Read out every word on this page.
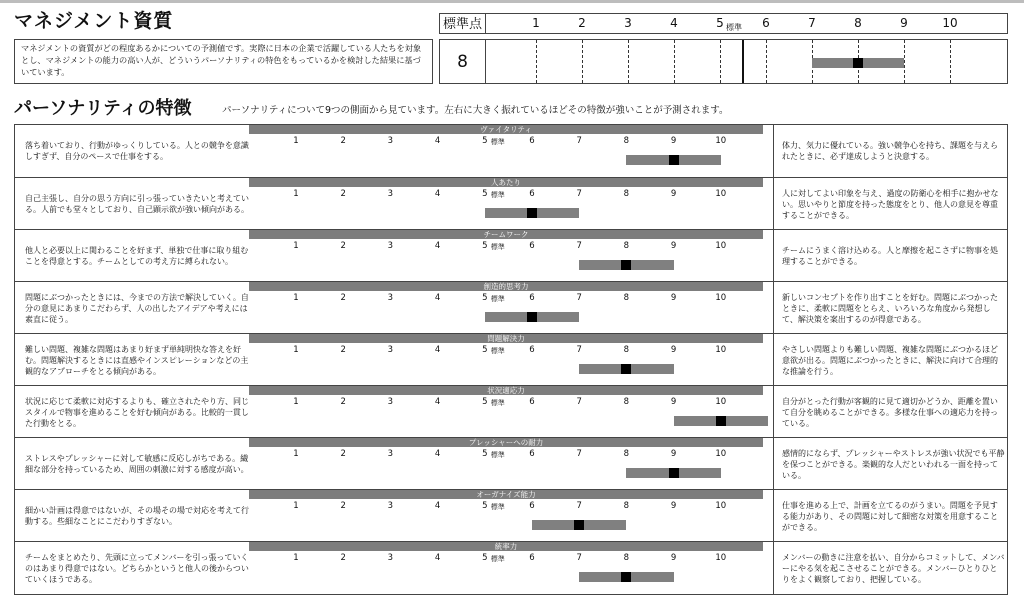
マネジメント資質	標準点	1	2	3	4	5	6	7	8	9	10
標準
マネジメントの資質がどの程度あるかについての予測値です。実際に日本の企業で活躍している人たちを対象とし、マネジメントの能力の高い人が、どういうパーソナリティの特色をもっているかを検討した結果に基づいています。	8
パーソナリティの特徴	パーソナリティについて9つの側面から見ています。左右に大きく振れているほどその特徴が強いことが予測されます。
落ち着いており、行動がゆっくりしている。人との競争を意識しすぎず、自分のペースで仕事をする。
ヴァイタリティ
1	2	3	4	5	6	7	8	9	10
標準	体力、気力に優れている。強い競争心を持ち、課題を与えられたときに、必ず達成しようと決意する。
自己主張し、自分の思う方向に引っ張っていきたいと考えている。人前でも堂々としており、自己顕示欲が強い傾向がある。
人あたり
1	2	3	4	5	6	7	8	9	10
標準	人に対してよい印象を与え、過度の防衛心を相手に抱かせない。思いやりと節度を持った態度をとり、他人の意見を尊重することができる。
他人と必要以上に関わることを好まず、単独で仕事に取り組むことを得意とする。チームとしての考え方に縛られない。
チームワーク
1	2	3	4	5	6	7	8	9	10
標準	チームにうまく溶け込める。人と摩擦を起こさずに物事を処理することができる。
問題にぶつかったときには、今までの方法で解決していく。自分の意見にあまりこだわらず、人の出したアイデアや考えには素直に従う。
創造的思考力
1	2	3	4	5	6	7	8	9	10
標準	新しいコンセプトを作り出すことを好む。問題にぶつかったときに、柔軟に問題をとらえ、いろいろな角度から発想して、解決策を案出するのが得意である。
難しい問題、複雑な問題はあまり好まず単純明快な答えを好む。問題解決するときには直感やインスピレーションなどの主観的なアプローチをとる傾向がある。
問題解決力
1	2	3	4	5	6	7	8	9	10
標準	やさしい問題よりも難しい問題、複雑な問題にぶつかるほど意欲が出る。問題にぶつかったときに、解決に向けて合理的な推論を行う。
状況に応じて柔軟に対応するよりも、確立されたやり方、同じスタイルで物事を進めることを好む傾向がある。比較的一貫した行動をとる。
状況適応力
1	2	3	4	5	6	7	8	9	10
標準	自分がとった行動が客観的に見て適切かどうか、距離を置いて自分を眺めることができる。多様な仕事への適応力を持っている。
ストレスやプレッシャーに対して敏感に反応しがちである。繊細な部分を持っているため、周囲の刺激に対する感度が高い。
プレッシャーへの耐力
1	2	3	4	5	6	7	8	9	10
標準	感情的にならず、プレッシャーやストレスが強い状況でも平静を保つことができる。楽観的な人だといわれる一面を持っている。
細かい計画は得意ではないが、その場その場で対応を考えて行動する。些細なことにこだわりすぎない。
オーガナイズ能力
1	2	3	4	5	6	7	8	9	10
標準	仕事を進める上で、計画を立てるのがうまい。問題を予見する能力があり、その問題に対して細密な対策を用意することができる。
チームをまとめたり、先頭に立ってメンバーを引っ張っていくのはあまり得意ではない。どちらかというと他人の後からついていくほうである。
統率力
1	2	3	4	5	6	7	8	9	10
標準	メンバーの動きに注意を払い、自分からコミットして、メンバーにやる気を起こさせることができる。メンバーひとりひとりをよく観察しており、把握している。
